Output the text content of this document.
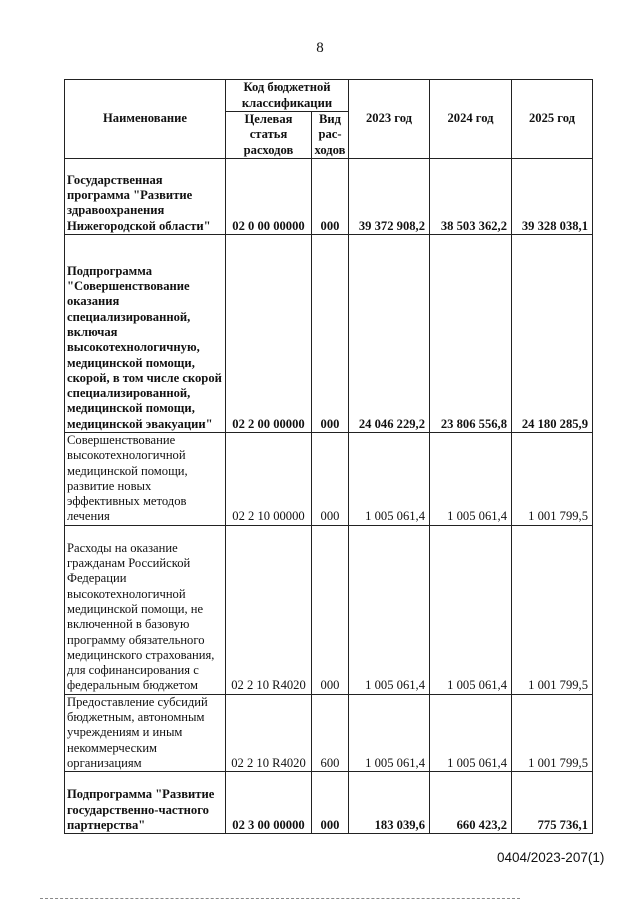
8
Наименование	Код бюджетной классификации		2023 год	2024 год	2025 год
	Целевая статья расходов	Вид рас-ходов			
Государственная программа "Развитие здравоохранения Нижегородской области"	02 0 00 00000	000	39 372 908,2	38 503 362,2	39 328 038,1
Подпрограмма "Совершенствование оказания специализированной, включая высокотехнологичную, медицинской помощи, скорой, в том числе скорой специализированной, медицинской помощи, медицинской эвакуации"	02 2 00 00000	000	24 046 229,2	23 806 556,8	24 180 285,9
Совершенствование высокотехнологичной медицинской помощи, развитие новых эффективных методов лечения	02 2 10 00000	000	1 005 061,4	1 005 061,4	1 001 799,5
Расходы на оказание гражданам Российской Федерации высокотехнологичной медицинской помощи, не включенной в базовую программу обязательного медицинского страхования, для софинансирования с федеральным бюджетом	02 2 10 R4020	000	1 005 061,4	1 005 061,4	1 001 799,5
Предоставление субсидий бюджетным, автономным учреждениям и иным некоммерческим организациям	02 2 10 R4020	600	1 005 061,4	1 005 061,4	1 001 799,5
Подпрограмма "Развитие государственно-частного партнерства"	02 3 00 00000	000	183 039,6	660 423,2	775 736,1
0404/2023-207(1)
